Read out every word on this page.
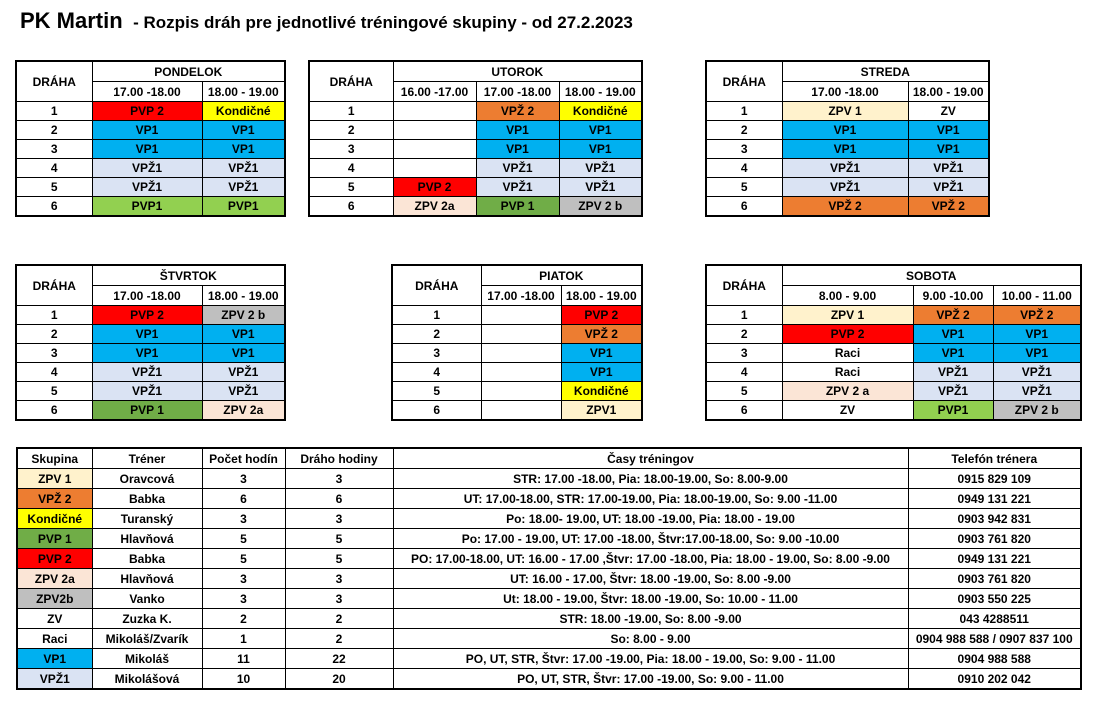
PK Martin - Rozpis dráh pre jednotlivé tréningové skupiny - od 27.2.2023
DRÁHA	PONDELOK	
	17.00 -18.00	18.00 - 19.00
1	PVP 2	Kondičné
2	VP1	VP1
3	VP1	VP1
4	VPŽ1	VPŽ1
5	VPŽ1	VPŽ1
6	PVP1	PVP1
DRÁHA	UTOROK		
	16.00 -17.00	17.00 -18.00	18.00 - 19.00
1		VPŽ 2	Kondičné
2		VP1	VP1
3		VP1	VP1
4		VPŽ1	VPŽ1
5	PVP 2	VPŽ1	VPŽ1
6	ZPV 2a	PVP 1	ZPV 2 b
DRÁHA	STREDA	
	17.00 -18.00	18.00 - 19.00
1	ZPV 1	ZV
2	VP1	VP1
3	VP1	VP1
4	VPŽ1	VPŽ1
5	VPŽ1	VPŽ1
6	VPŽ 2	VPŽ 2
DRÁHA	ŠTVRTOK	
	17.00 -18.00	18.00 - 19.00
1	PVP 2	ZPV 2 b
2	VP1	VP1
3	VP1	VP1
4	VPŽ1	VPŽ1
5	VPŽ1	VPŽ1
6	PVP 1	ZPV 2a
DRÁHA	PIATOK	
	17.00 -18.00	18.00 - 19.00
1		PVP 2
2		VPŽ 2
3		VP1
4		VP1
5		Kondičné
6		ZPV1
DRÁHA	SOBOTA		
	8.00 - 9.00	9.00 -10.00	10.00 - 11.00
1	ZPV 1	VPŽ 2	VPŽ 2
2	PVP 2	VP1	VP1
3	Raci	VP1	VP1
4	Raci	VPŽ1	VPŽ1
5	ZPV 2 a	VPŽ1	VPŽ1
6	ZV	PVP1	ZPV 2 b
Skupina	Tréner	Počet hodín	Dráho hodiny	Časy tréningov	Telefón trénera
ZPV 1	Oravcová	3	3	STR: 17.00 -18.00, Pia: 18.00-19.00, So: 8.00-9.00	0915 829 109
VPŽ 2	Babka	6	6	UT: 17.00-18.00, STR: 17.00-19.00, Pia: 18.00-19.00, So: 9.00 -11.00	0949 131 221
Kondičné	Turanský	3	3	Po: 18.00- 19.00, UT: 18.00 -19.00, Pia: 18.00 - 19.00	0903 942 831
PVP 1	Hlavňová	5	5	Po: 17.00 - 19.00, UT: 17.00 -18.00, Štvr:17.00-18.00, So: 9.00 -10.00	0903 761 820
PVP 2	Babka	5	5	PO: 17.00-18.00, UT: 16.00 - 17.00 ,Štvr: 17.00 -18.00, Pia: 18.00 - 19.00, So: 8.00 -9.00	0949 131 221
ZPV 2a	Hlavňová	3	3	UT: 16.00 - 17.00, Štvr: 18.00 -19.00, So: 8.00 -9.00	0903 761 820
ZPV2b	Vanko	3	3	Ut: 18.00 - 19.00, Štvr: 18.00 -19.00, So: 10.00 - 11.00	0903 550 225
ZV	Zuzka K.	2	2	STR: 18.00 -19.00, So: 8.00 -9.00	043 4288511
Raci	Mikoláš/Zvarík	1	2	So: 8.00 - 9.00	0904 988 588 / 0907 837 100
VP1	Mikoláš	11	22	PO, UT, STR, Štvr: 17.00 -19.00, Pia: 18.00 - 19.00, So: 9.00 - 11.00	0904 988 588
VPŽ1	Mikolášová	10	20	PO, UT, STR, Štvr: 17.00 -19.00, So: 9.00 - 11.00	0910 202 042
